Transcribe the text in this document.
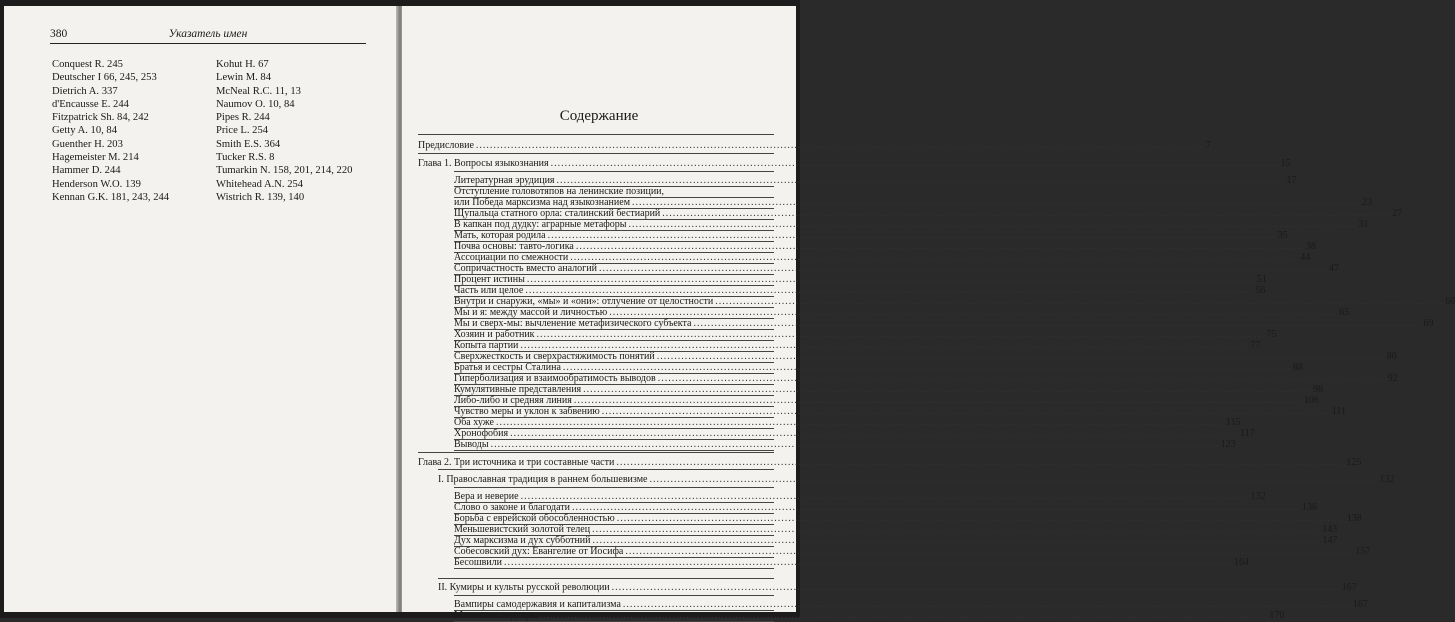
380	Указатель имен
Conquest R. 245
Deutscher I 66, 245, 253
Dietrich A. 337
d'Encausse E. 244
Fitzpatrick Sh. 84, 242
Getty A. 10, 84
Guenther H. 203
Hagemeister M. 214
Hammer D. 244
Henderson W.O. 139
Kennan G.K. 181, 243, 244
Kohut H. 67
Lewin M. 84
McNeal R.C. 11, 13
Naumov O. 10, 84
Pipes R. 244
Price L. 254
Smith E.S. 364
Tucker R.S. 8
Tumarkin N. 158, 201, 214, 220
Whitehead A.N. 254
Wistrich R. 139, 140
Содержание
Предисловие .....	7
Глава 1. Вопросы языкознания .....	15
Литературная эрудиция .....	17
Отступление головотяпов на ленинские позиции,
или Победа марксизма над языкознанием .....	23
Щупальца статного орла: сталинский бестиарий .....	27
В капкан под дудку: аграрные метафоры .....	31
Мать, которая родила .....	35
Почва основы: тавто-логика .....	38
Ассоциации по смежности .....	44
Сопричастность вместо аналогий .....	47
Процент истины .....	51
Часть или целое .....	56
Внутри и снаружи, «мы» и «они»: отлучение от целостности .....	60
Мы и я: между массой и личностью .....	65
Мы и сверх-мы: вычленение метафизического субъекта .....	69
Хозяин и работник .....	75
Копыта партии .....	77
Сверхжесткость и сверхрастяжимость понятий .....	80
Братья и сестры Сталина .....	88
Гиперболизация и взаимообратимость выводов .....	92
Кумулятивные представления .....	98
Либо-либо и средняя линия .....	106
Чувство меры и уклон к забвению .....	111
Оба хуже .....	115
Хронофобия .....	117
Выводы .....	123
Глава 2. Три источника и три составные части .....	125
I. Православная традиция в раннем большевизме .....	132
Вера и неверие .....	132
Слово о законе и благодати .....	136
Борьба с еврейской обособленностью .....	138
Меньшевистский золотой телец .....	143
Дух марксизма и дух субботний .....	147
Собесовский дух: Евангелие от Иосифа .....	157
Бесошвили .....	164
II. Кумиры и культы русской революции .....	167
Вампиры самодержавия и капитализма .....	167
Мятежные кадавры .....	170
